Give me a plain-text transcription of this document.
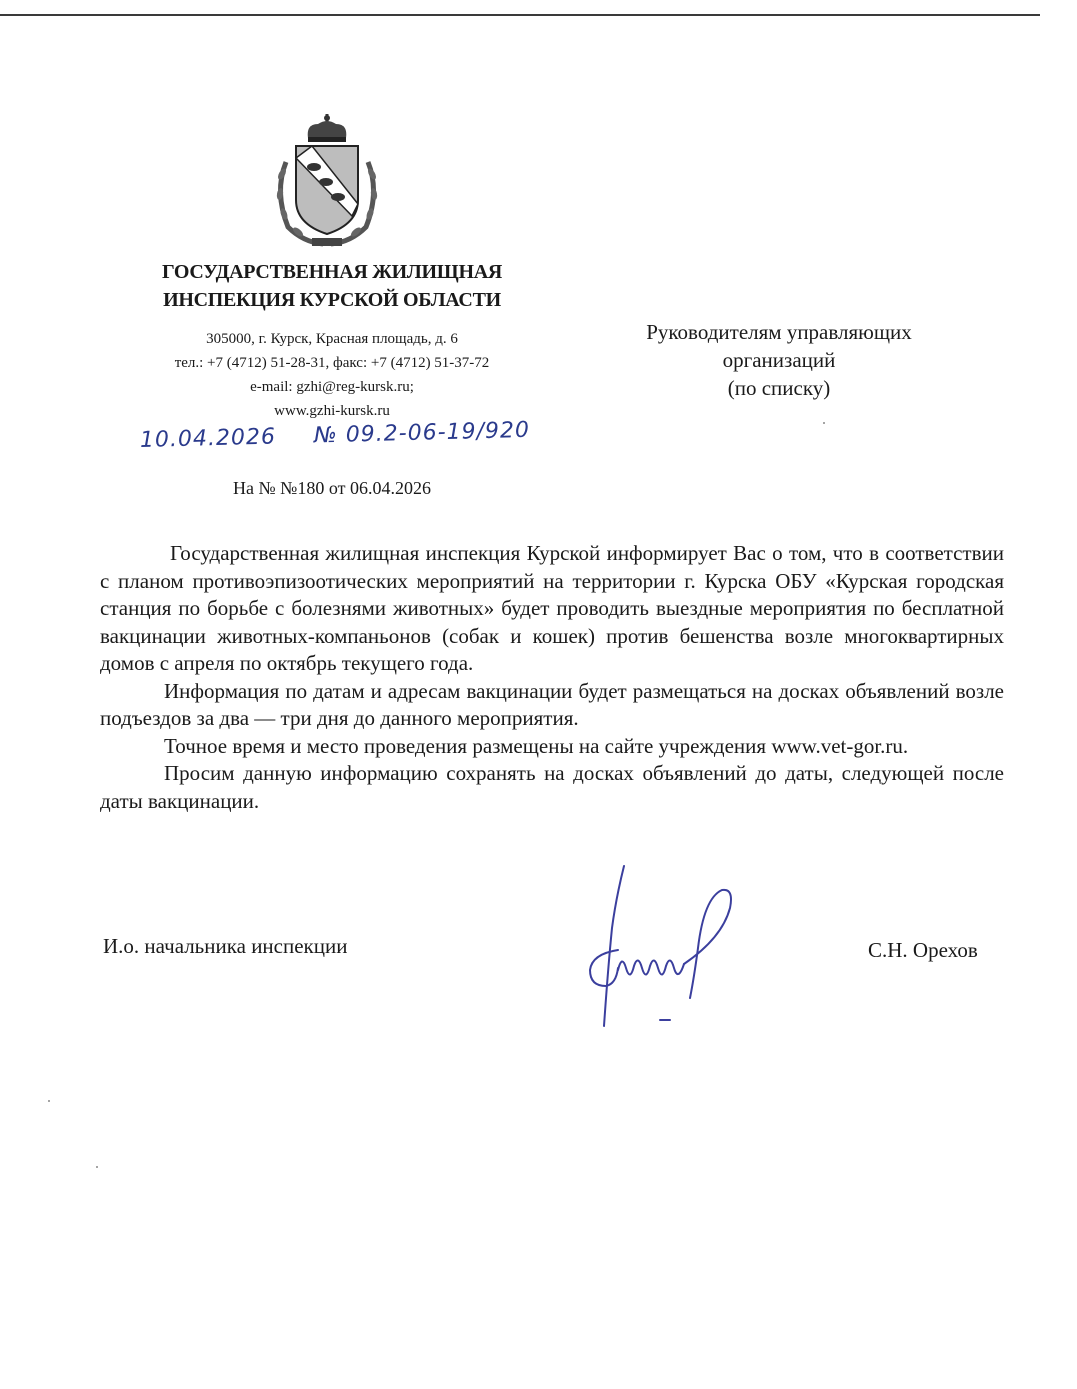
ГОСУДАРСТВЕННАЯ ЖИЛИЩНАЯ
ИНСПЕКЦИЯ КУРСКОЙ ОБЛАСТИ
305000, г. Курск, Красная площадь, д. 6
тел.: +7 (4712) 51-28-31, факс: +7 (4712) 51-37-72
e-mail: gzhi@reg-kursk.ru;
www.gzhi-kursk.ru
10.04.2026 № 09.2-06-19/920
На № №180 от 06.04.2026
Руководителям управляющих
организаций
(по списку)

Государственная жилищная инспекция Курской информирует Вас о том, что в соответствии с планом противоэпизоотических мероприятий на территории г. Курска ОБУ «Курская городская станция по борьбе с болезнями животных» будет проводить выездные мероприятия по бесплатной вакцинации животных-компаньонов (собак и кошек) против бешенства возле многоквартирных домов с апреля по октябрь текущего года.

Информация по датам и адресам вакцинации будет размещаться на досках объявлений возле подъездов за два — три дня до данного мероприятия.

Точное время и место проведения размещены на сайте учреждения www.vet-gor.ru.

Просим данную информацию сохранять на досках объявлений до даты, следующей после даты вакцинации.

И.о. начальника инспекции	С.Н. Орехов
